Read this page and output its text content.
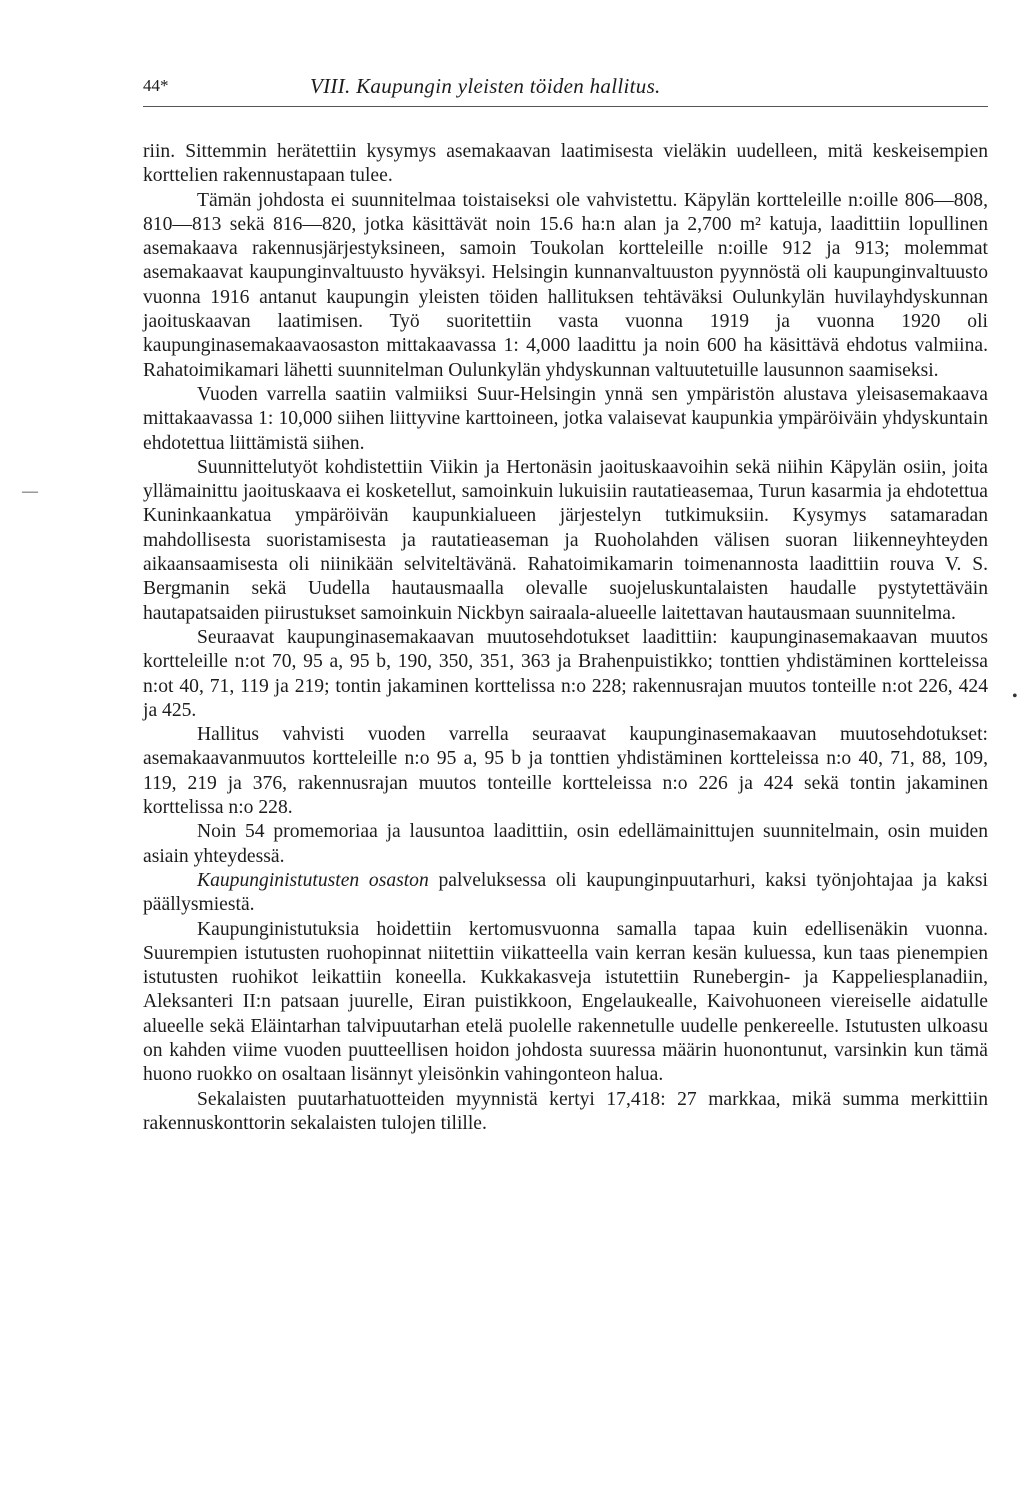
44*	VIII. Kaupungin yleisten töiden hallitus.

riin. Sittemmin herätettiin kysymys asemakaavan laatimisesta vieläkin uudelleen, mitä keskeisempien korttelien rakennustapaan tulee.

Tämän johdosta ei suunnitelmaa toistaiseksi ole vahvistettu. Käpylän kortteleille n:oille 806—808, 810—813 sekä 816—820, jotka käsittävät noin 15.6 ha:n alan ja 2,700 m² katuja, laadittiin lopullinen asemakaava rakennusjärjestyksineen, samoin Toukolan kortteleille n:oille 912 ja 913; molemmat asemakaavat kaupunginvaltuusto hyväksyi. Helsingin kunnanvaltuuston pyynnöstä oli kaupunginvaltuusto vuonna 1916 antanut kaupungin yleisten töiden hallituksen tehtäväksi Oulunkylän huvilayhdyskunnan jaoituskaavan laatimisen. Työ suoritettiin vasta vuonna 1919 ja vuonna 1920 oli kaupunginasemakaavaosaston mittakaavassa 1: 4,000 laadittu ja noin 600 ha käsittävä ehdotus valmiina. Rahatoimikamari lähetti suunnitelman Oulunkylän yhdyskunnan valtuutetuille lausunnon saamiseksi.

Vuoden varrella saatiin valmiiksi Suur-Helsingin ynnä sen ympäristön alustava yleisasemakaava mittakaavassa 1: 10,000 siihen liittyvine karttoineen, jotka valaisevat kaupunkia ympäröiväin yhdyskuntain ehdotettua liittämistä siihen.

Suunnittelutyöt kohdistettiin Viikin ja Hertonäsin jaoituskaavoihin sekä niihin Käpylän osiin, joita yllämainittu jaoituskaava ei kosketellut, samoinkuin lukuisiin rautatieasemaa, Turun kasarmia ja ehdotettua Kuninkaankatua ympäröivän kaupunkialueen järjestelyn tutkimuksiin. Kysymys satamaradan mahdollisesta suoristamisesta ja rautatieaseman ja Ruoholahden välisen suoran liikenneyhteyden aikaansaamisesta oli niinikään selviteltävänä. Rahatoimikamarin toimenannosta laadittiin rouva V. S. Bergmanin sekä Uudella hautausmaalla olevalle suojeluskuntalaisten haudalle pystytettäväin hautapatsaiden piirustukset samoinkuin Nickbyn sairaala-alueelle laitettavan hautausmaan suunnitelma.

Seuraavat kaupunginasemakaavan muutosehdotukset laadittiin: kaupunginasemakaavan muutos kortteleille n:ot 70, 95 a, 95 b, 190, 350, 351, 363 ja Brahenpuistikko; tonttien yhdistäminen kortteleissa n:ot 40, 71, 119 ja 219; tontin jakaminen korttelissa n:o 228; rakennusrajan muutos tonteille n:ot 226, 424 ja 425.

Hallitus vahvisti vuoden varrella seuraavat kaupunginasemakaavan muutosehdotukset: asemakaavanmuutos kortteleille n:o 95 a, 95 b ja tonttien yhdistäminen kortteleissa n:o 40, 71, 88, 109, 119, 219 ja 376, rakennusrajan muutos tonteille kortteleissa n:o 226 ja 424 sekä tontin jakaminen korttelissa n:o 228.

Noin 54 promemoriaa ja lausuntoa laadittiin, osin edellämainittujen suunnitelmain, osin muiden asiain yhteydessä.

Kaupunginistutusten osaston palveluksessa oli kaupunginpuutarhuri, kaksi työnjohtajaa ja kaksi päällysmiestä.

Kaupunginistutuksia hoidettiin kertomusvuonna samalla tapaa kuin edellisenäkin vuonna. Suurempien istutusten ruohopinnat niitettiin viikatteella vain kerran kesän kuluessa, kun taas pienempien istutusten ruohikot leikattiin koneella. Kukkakasveja istutettiin Runebergin- ja Kappeliesplanadiin, Aleksanteri II:n patsaan juurelle, Eiran puistikkoon, Engelaukealle, Kaivohuoneen viereiselle aidatulle alueelle sekä Eläintarhan talvipuutarhan etelä puolelle rakennetulle uudelle penkereelle. Istutusten ulkoasu on kahden viime vuoden puutteellisen hoidon johdosta suuressa määrin huonontunut, varsinkin kun tämä huono ruokko on osaltaan lisännyt yleisönkin vahingonteon halua.

Sekalaisten puutarhatuotteiden myynnistä kertyi 17,418: 27 markkaa, mikä summa merkittiin rakennuskonttorin sekalaisten tulojen tilille.

—
•
